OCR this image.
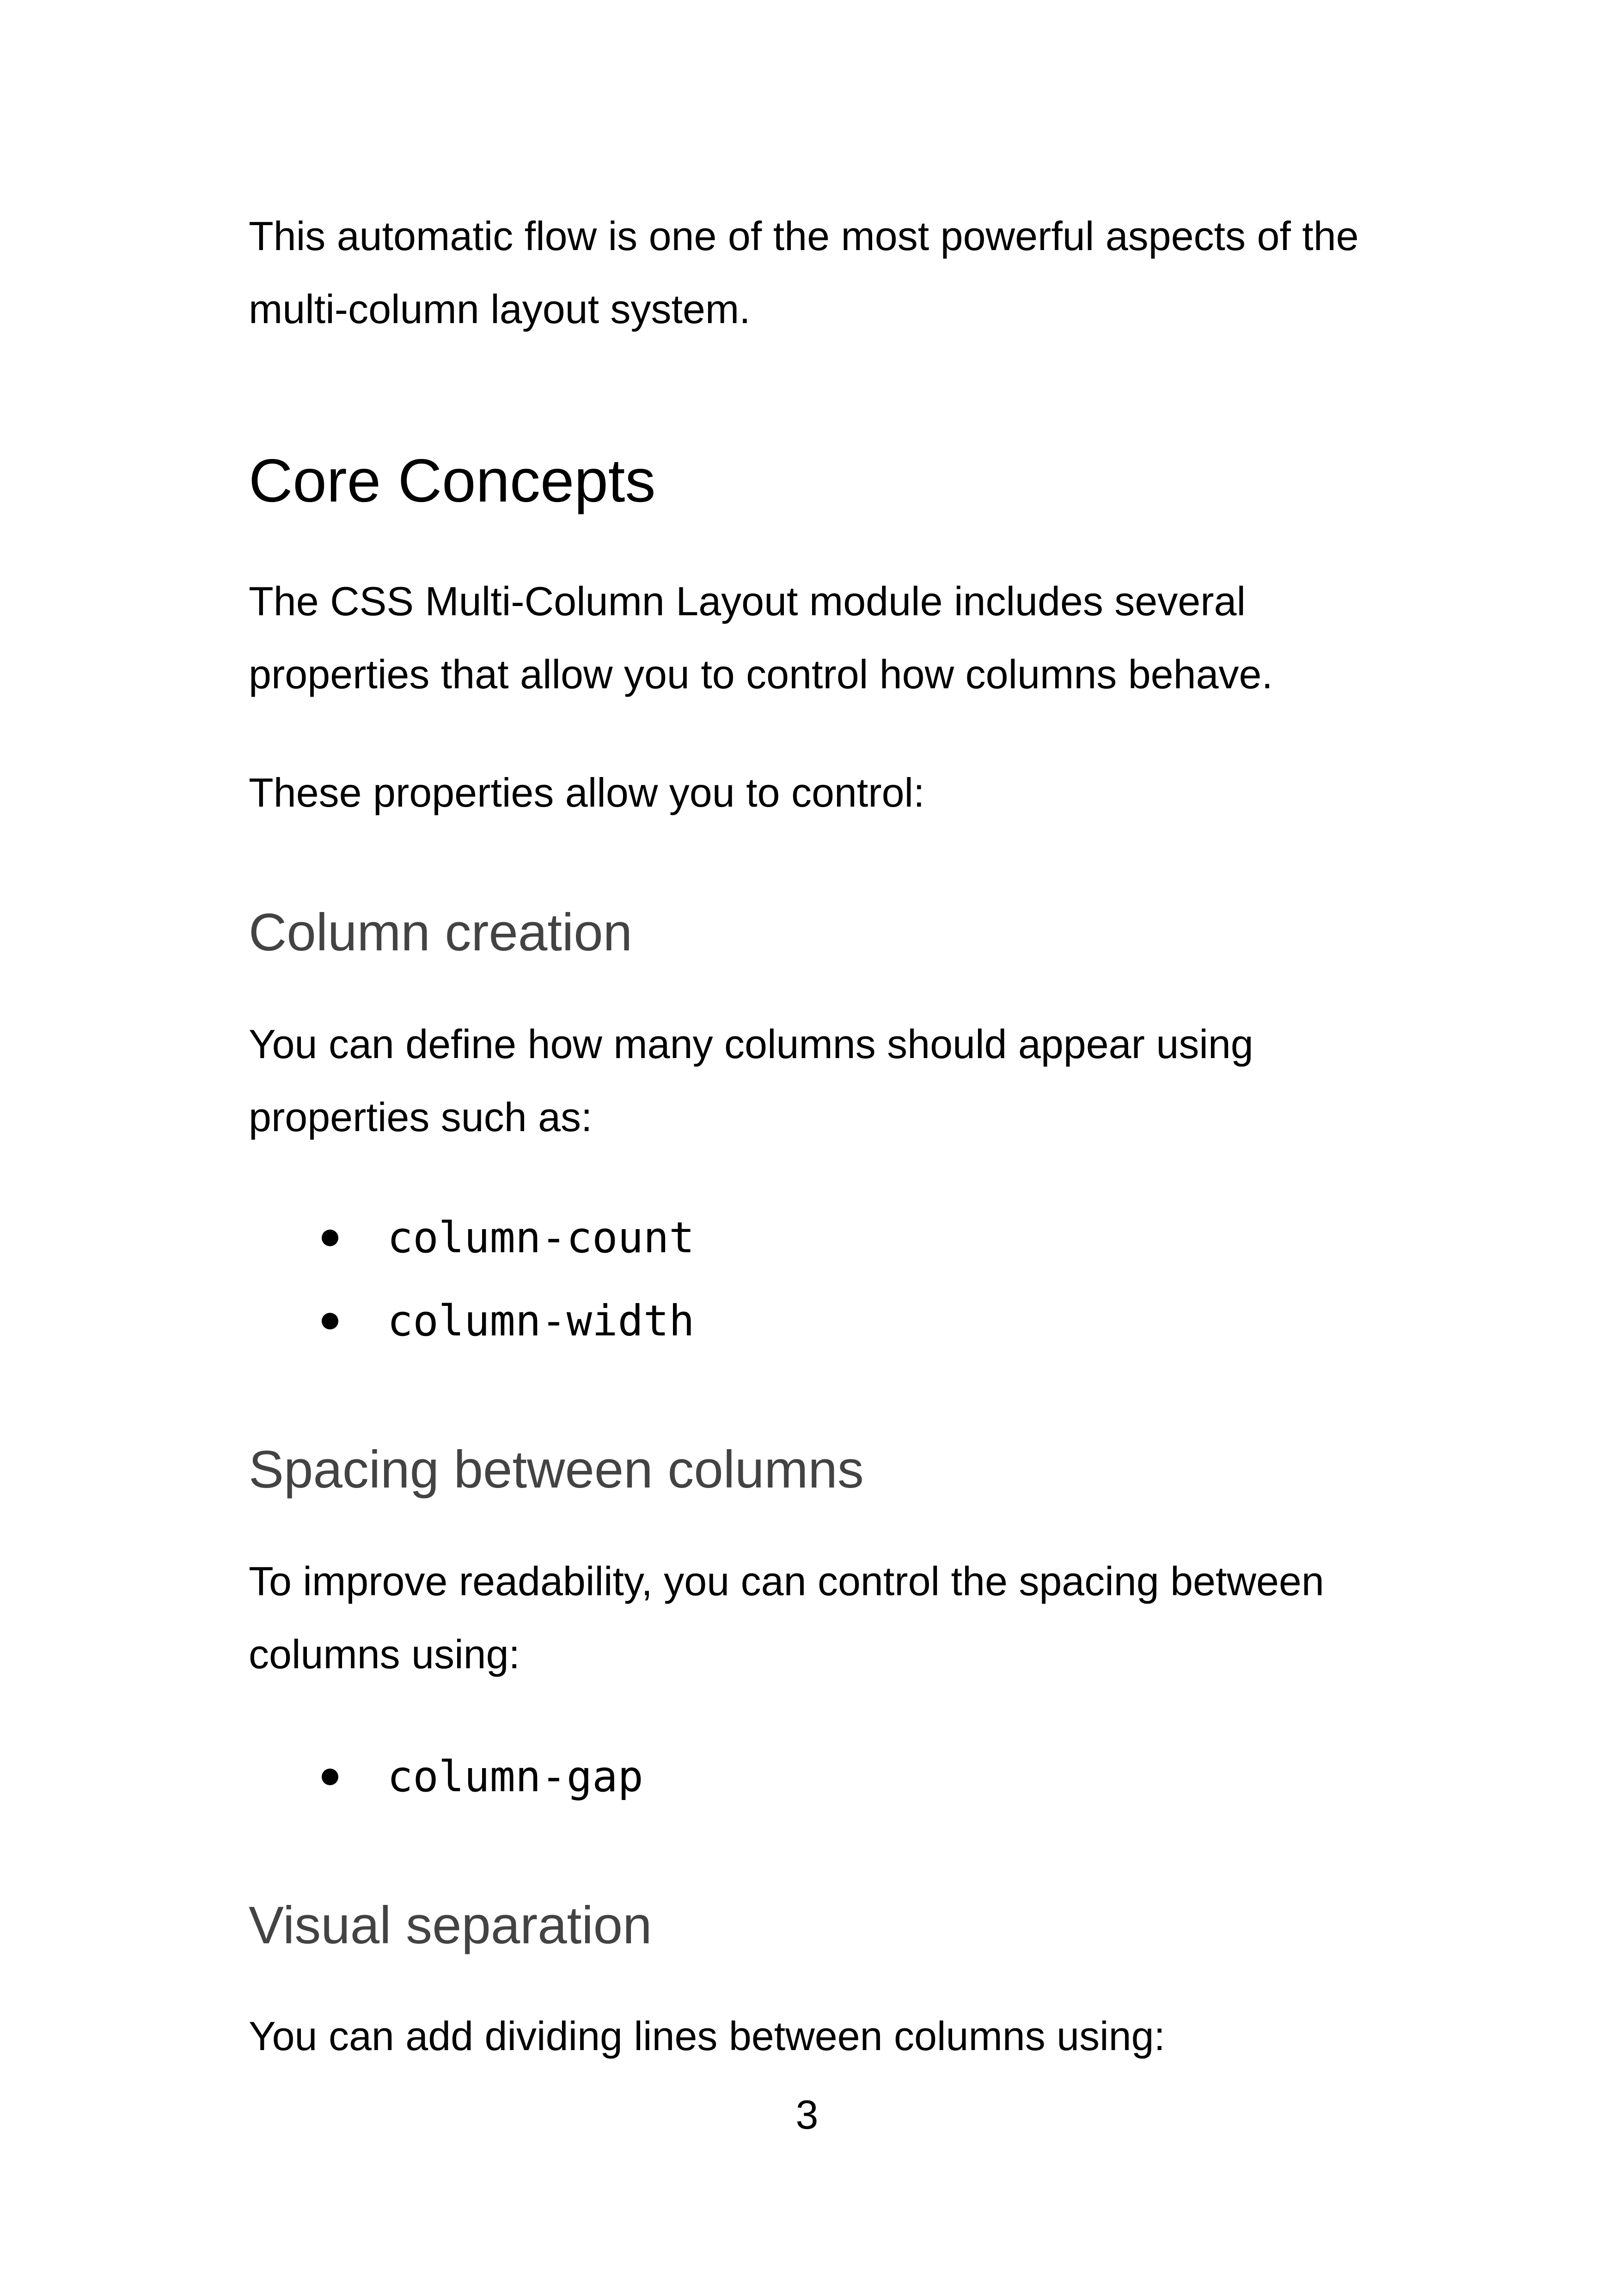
This automatic flow is one of the most powerful aspects of the

multi-column layout system.

Core Concepts

The CSS Multi-Column Layout module includes several

properties that allow you to control how columns behave.

These properties allow you to control:

Column creation

You can define how many columns should appear using

properties such as:

column-count
column-width
Spacing between columns

To improve readability, you can control the spacing between

columns using:

column-gap
Visual separation

You can add dividing lines between columns using:

3
